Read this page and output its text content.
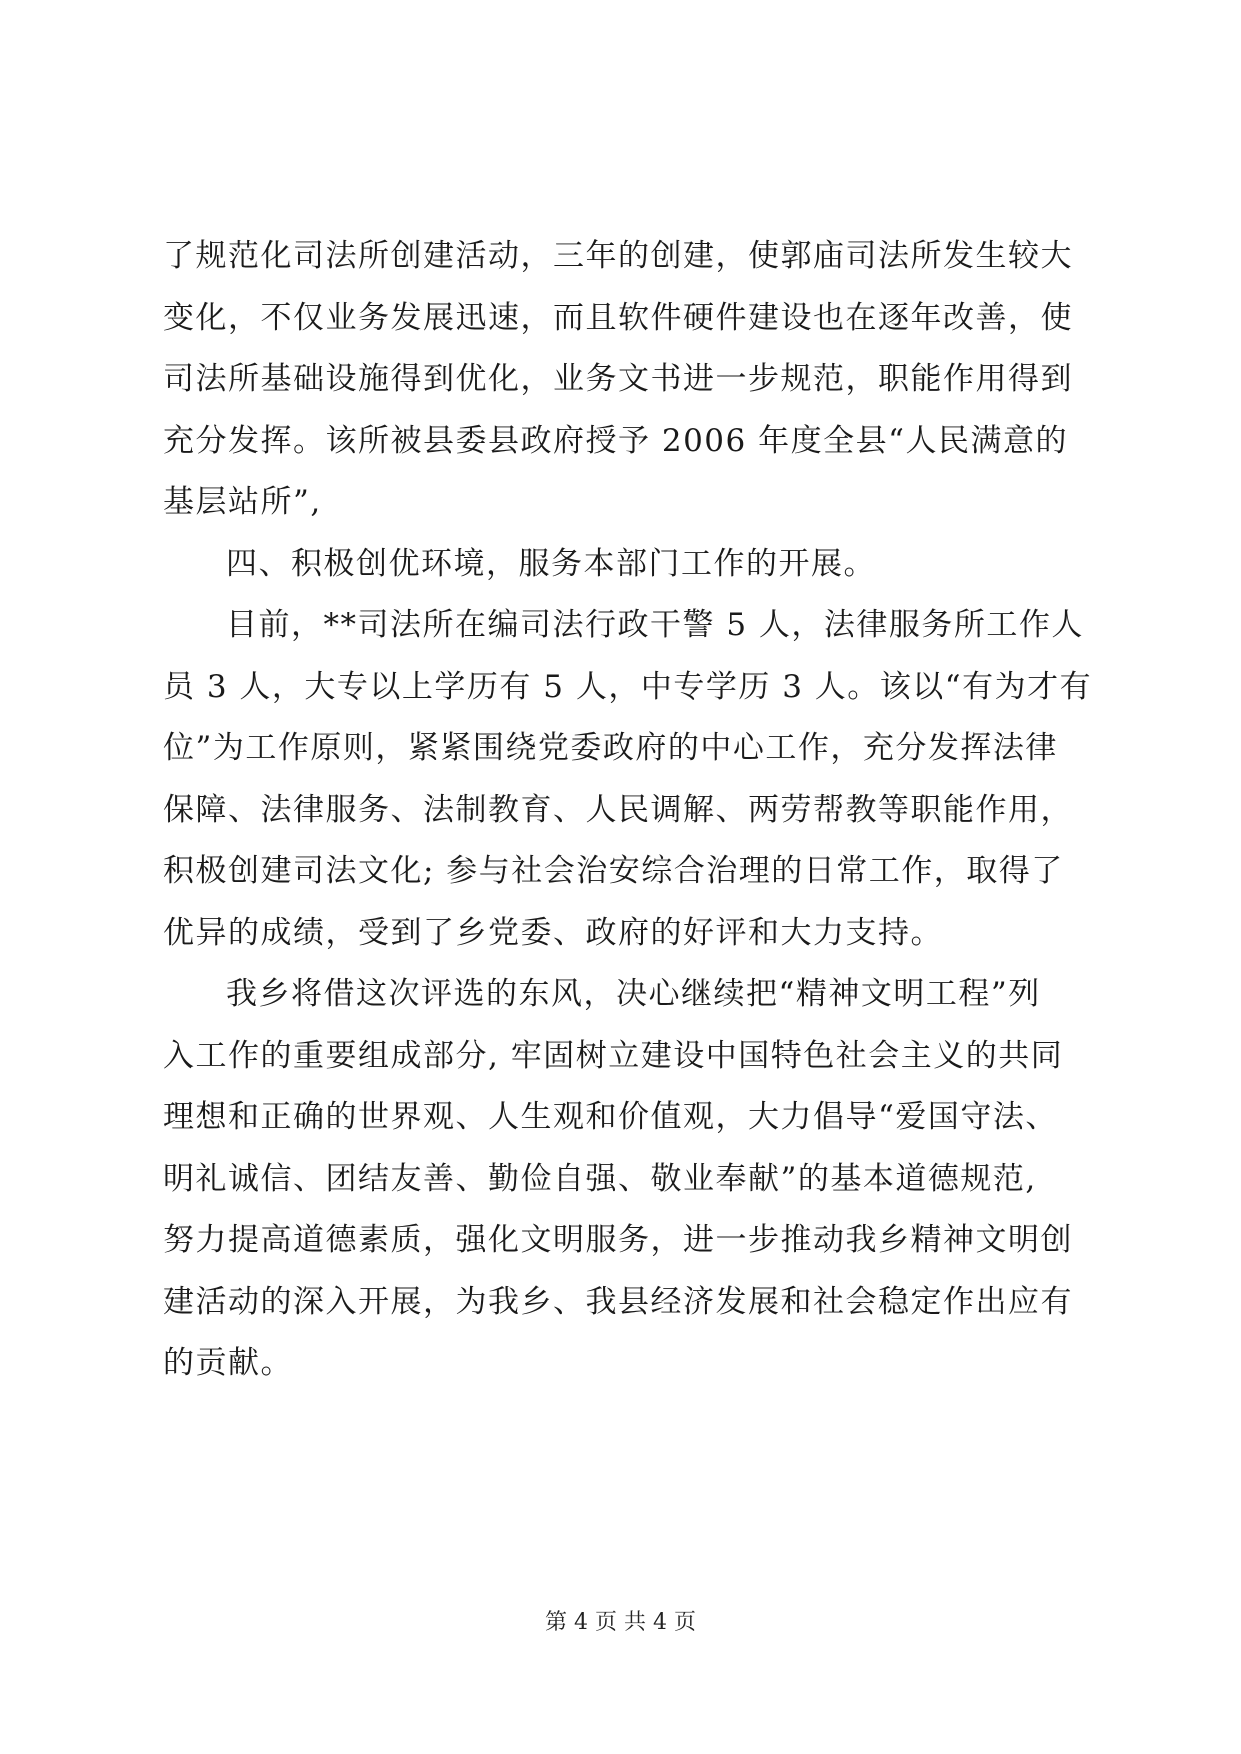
了规范化司法所创建活动，三年的创建，使郭庙司法所发生较大
变化，不仅业务发展迅速，而且软件硬件建设也在逐年改善，使
司法所基础设施得到优化，业务文书进一步规范，职能作用得到
充分发挥。该所被县委县政府授予 2006 年度全县“人民满意的
基层站所”,
四、积极创优环境，服务本部门工作的开展。
目前，**司法所在编司法行政干警 5 人，法律服务所工作人
员 3 人，大专以上学历有 5 人，中专学历 3 人。该以“有为才有
位”为工作原则，紧紧围绕党委政府的中心工作，充分发挥法律
保障、法律服务、法制教育、人民调解、两劳帮教等职能作用，
积极创建司法文化; 参与社会治安综合治理的日常工作，取得了
优异的成绩，受到了乡党委、政府的好评和大力支持。
我乡将借这次评选的东风，决心继续把“精神文明工程”列
入工作的重要组成部分, 牢固树立建设中国特色社会主义的共同
理想和正确的世界观、人生观和价值观，大力倡导“爱国守法、
明礼诚信、团结友善、勤俭自强、敬业奉献”的基本道德规范,
努力提高道德素质，强化文明服务，进一步推动我乡精神文明创
建活动的深入开展，为我乡、我县经济发展和社会稳定作出应有
的贡献。
第 4 页 共 4 页
